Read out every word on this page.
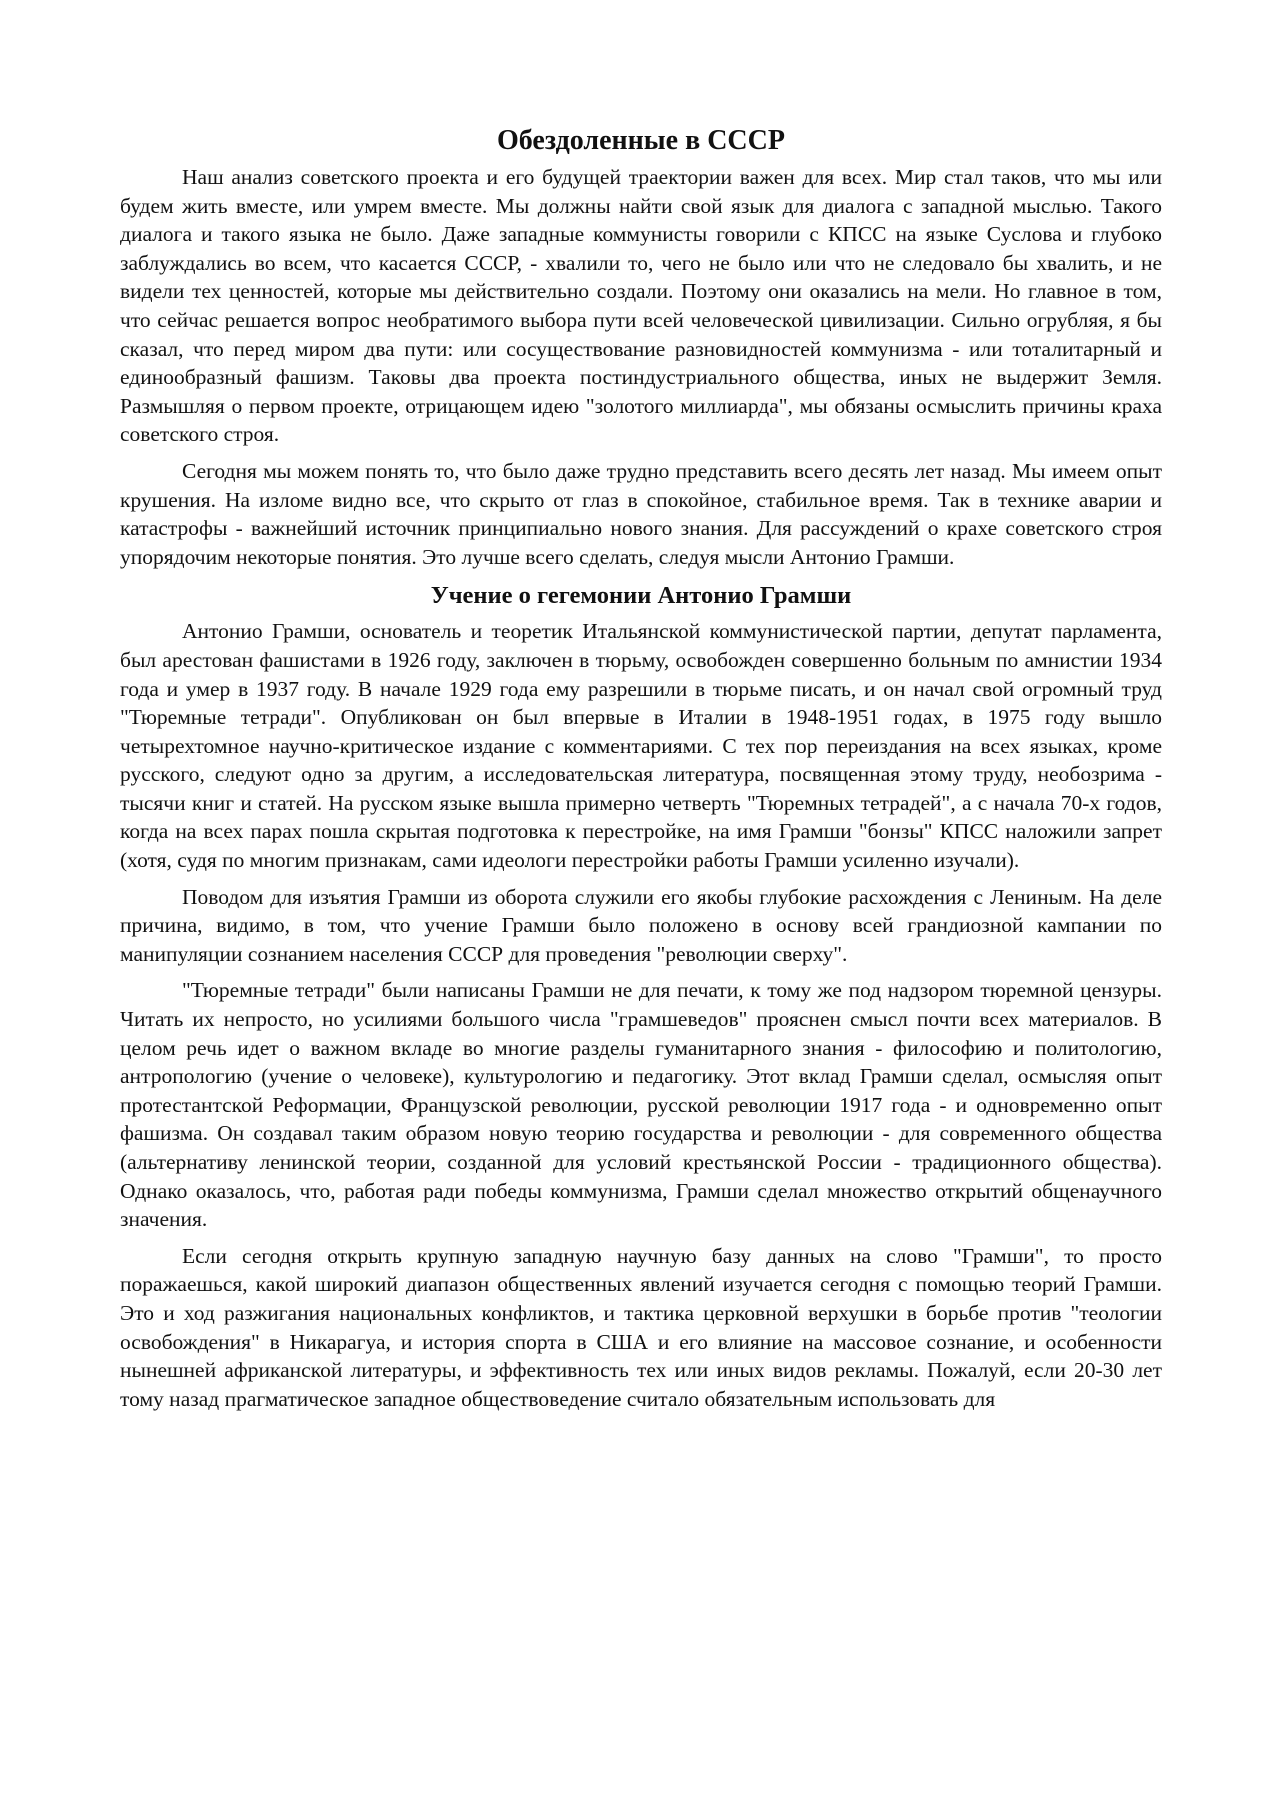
Обездоленные в СССР

Наш анализ советского проекта и его будущей траектории важен для всех. Мир стал таков, что мы или будем жить вместе, или умрем вместе. Мы должны найти свой язык для диалога с западной мыслью. Такого диалога и такого языка не было. Даже западные коммунисты говорили с КПСС на языке Суслова и глубоко заблуждались во всем, что касается СССР, - хвалили то, чего не было или что не следовало бы хвалить, и не видели тех ценностей, которые мы действительно создали. Поэтому они оказались на мели. Но главное в том, что сейчас решается вопрос необратимого выбора пути всей человеческой цивилизации. Сильно огрубляя, я бы сказал, что перед миром два пути: или сосуществование разновидностей коммунизма - или тоталитарный и единообразный фашизм. Таковы два проекта постиндустриального общества, иных не выдержит Земля. Размышляя о первом проекте, отрицающем идею "золотого миллиарда", мы обязаны осмыслить причины краха советского строя.

Сегодня мы можем понять то, что было даже трудно представить всего десять лет назад. Мы имеем опыт крушения. На изломе видно все, что скрыто от глаз в спокойное, стабильное время. Так в технике аварии и катастрофы - важнейший источник принципиально нового знания. Для рассуждений о крахе советского строя упорядочим некоторые понятия. Это лучше всего сделать, следуя мысли Антонио Грамши.

Учение о гегемонии Антонио Грамши

Антонио Грамши, основатель и теоретик Итальянской коммунистической партии, депутат парламента, был арестован фашистами в 1926 году, заключен в тюрьму, освобожден совершенно больным по амнистии 1934 года и умер в 1937 году. В начале 1929 года ему разрешили в тюрьме писать, и он начал свой огромный труд "Тюремные тетради". Опубликован он был впервые в Италии в 1948-1951 годах, в 1975 году вышло четырехтомное научно-критическое издание с комментариями. С тех пор переиздания на всех языках, кроме русского, следуют одно за другим, а исследовательская литература, посвященная этому труду, необозрима - тысячи книг и статей. На русском языке вышла примерно четверть "Тюремных тетрадей", а с начала 70-х годов, когда на всех парах пошла скрытая подготовка к перестройке, на имя Грамши "бонзы" КПСС наложили запрет (хотя, судя по многим признакам, сами идеологи перестройки работы Грамши усиленно изучали).

Поводом для изъятия Грамши из оборота служили его якобы глубокие расхождения с Лениным. На деле причина, видимо, в том, что учение Грамши было положено в основу всей грандиозной кампании по манипуляции сознанием населения СССР для проведения "революции сверху".

"Тюремные тетради" были написаны Грамши не для печати, к тому же под надзором тюремной цензуры. Читать их непросто, но усилиями большого числа "грамшеведов" прояснен смысл почти всех материалов. В целом речь идет о важном вкладе во многие разделы гуманитарного знания - философию и политологию, антропологию (учение о человеке), культурологию и педагогику. Этот вклад Грамши сделал, осмысляя опыт протестантской Реформации, Французской революции, русской революции 1917 года - и одновременно опыт фашизма. Он создавал таким образом новую теорию государства и революции - для современного общества (альтернативу ленинской теории, созданной для условий крестьянской России - традиционного общества). Однако оказалось, что, работая ради победы коммунизма, Грамши сделал множество открытий общенаучного значения.

Если сегодня открыть крупную западную научную базу данных на слово "Грамши", то просто поражаешься, какой широкий диапазон общественных явлений изучается сегодня с помощью теорий Грамши. Это и ход разжигания национальных конфликтов, и тактика церковной верхушки в борьбе против "теологии освобождения" в Никарагуа, и история спорта в США и его влияние на массовое сознание, и особенности нынешней африканской литературы, и эффективность тех или иных видов рекламы. Пожалуй, если 20-30 лет тому назад прагматическое западное обществоведение считало обязательным использовать для
